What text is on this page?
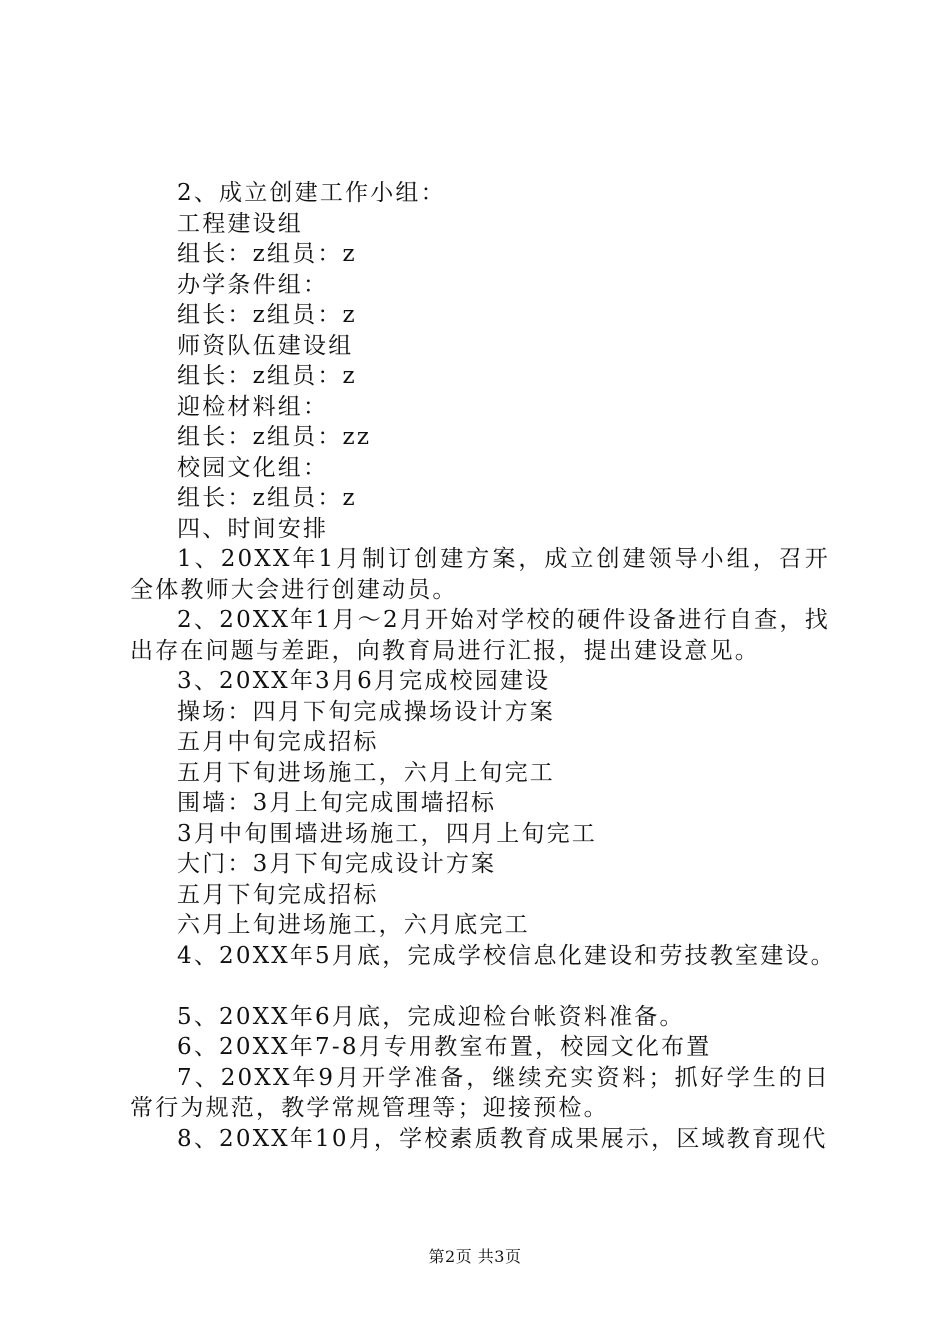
2、成立创建工作小组：
工程建设组
组长：z组员：z
办学条件组：
组长：z组员：z
师资队伍建设组
组长：z组员：z
迎检材料组：
组长：z组员：zz
校园文化组：
组长：z组员：z
四、时间安排
1、20XX年1月制订创建方案，成立创建领导小组，召开全体教师大会进行创建动员。
2、20XX年1月～2月开始对学校的硬件设备进行自查，找出存在问题与差距，向教育局进行汇报，提出建设意见。
3、20XX年3月6月完成校园建设
操场：四月下旬完成操场设计方案
五月中旬完成招标
五月下旬进场施工，六月上旬完工
围墙：3月上旬完成围墙招标
3月中旬围墙进场施工，四月上旬完工
大门：3月下旬完成设计方案
五月下旬完成招标
六月上旬进场施工，六月底完工
4、20XX年5月底，完成学校信息化建设和劳技教室建设。
5、20XX年6月底，完成迎检台帐资料准备。
6、20XX年7-8月专用教室布置，校园文化布置
7、20XX年9月开学准备，继续充实资料；抓好学生的日常行为规范，教学常规管理等；迎接预检。
8、20XX年10月，学校素质教育成果展示，区域教育现代
第2页 共3页
